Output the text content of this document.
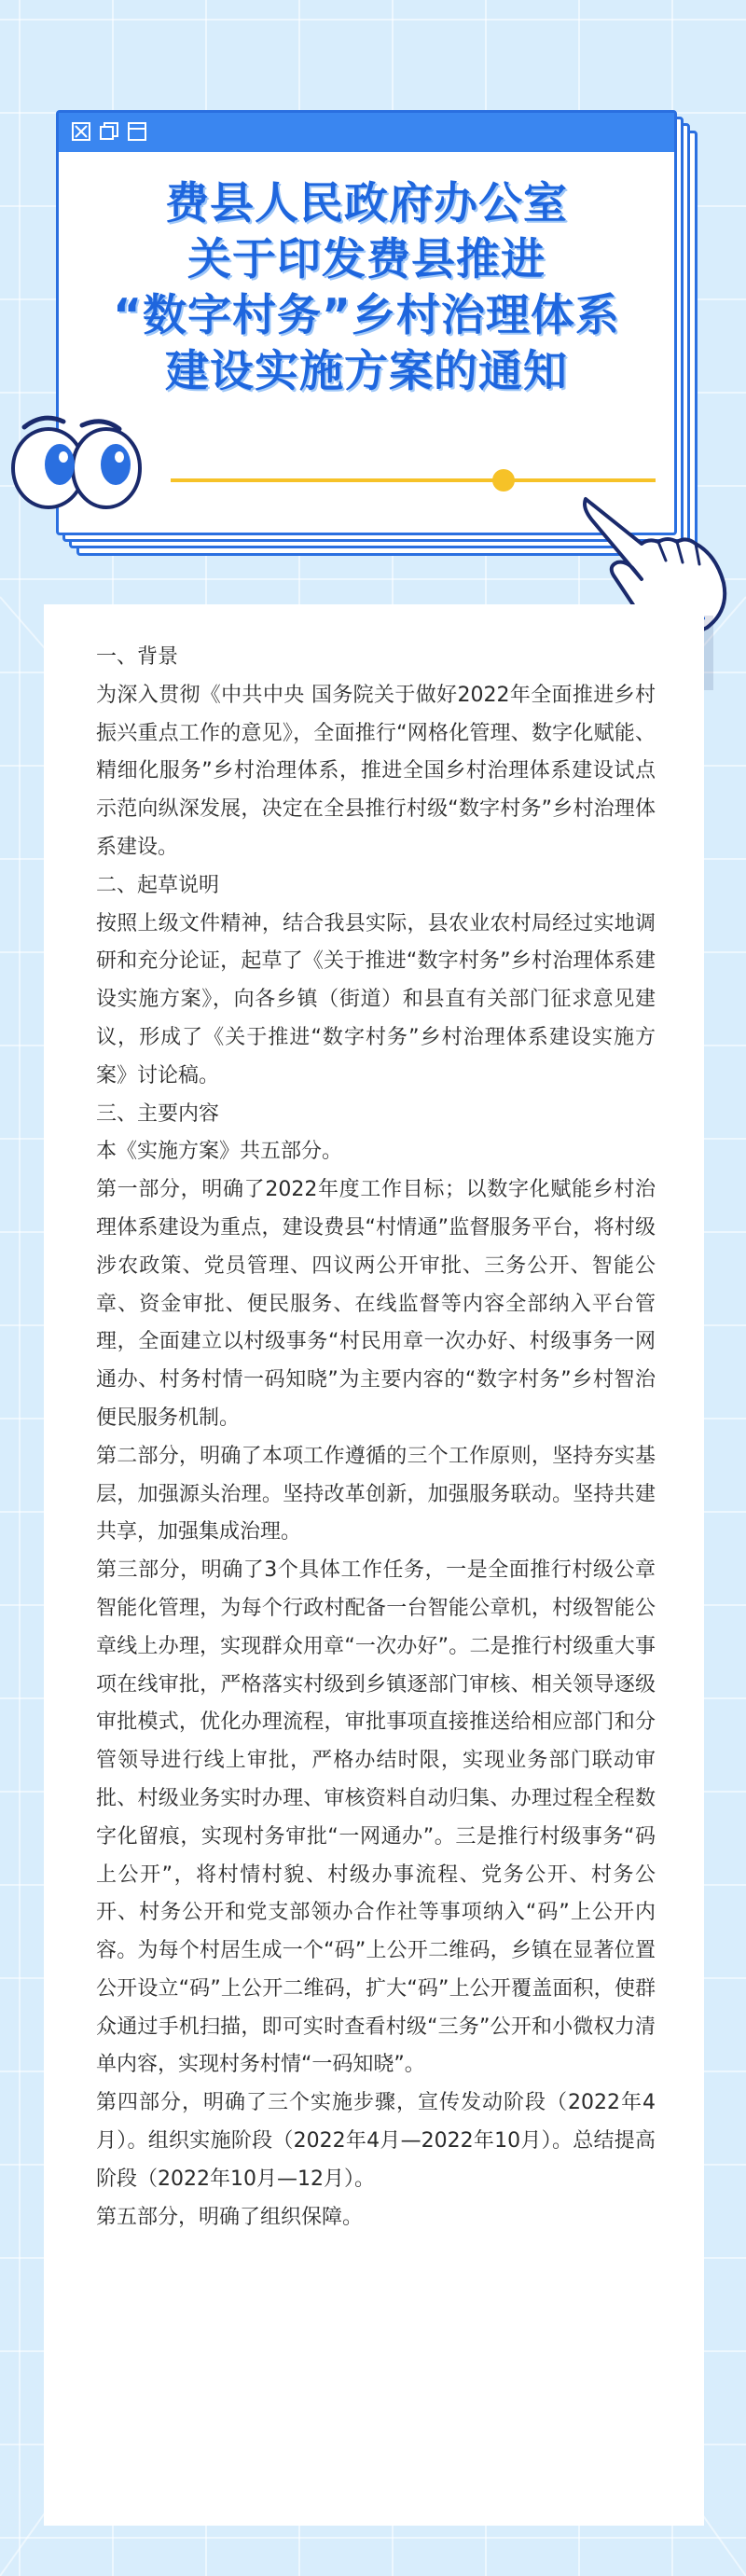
费县人民政府办公室
关于印发费县推进
“数字村务”乡村治理体系
建设实施方案的通知

一、背景

为深入贯彻《中共中央 国务院关于做好2022年全面推进乡村振兴重点工作的意见》，全面推行“网格化管理、数字化赋能、精细化服务”乡村治理体系，推进全国乡村治理体系建设试点示范向纵深发展，决定在全县推行村级“数字村务”乡村治理体系建设。

二、起草说明

按照上级文件精神，结合我县实际，县农业农村局经过实地调研和充分论证，起草了《关于推进“数字村务”乡村治理体系建设实施方案》，向各乡镇（街道）和县直有关部门征求意见建议，形成了《关于推进“数字村务”乡村治理体系建设实施方案》讨论稿。

三、主要内容

本《实施方案》共五部分。

第一部分，明确了2022年度工作目标；以数字化赋能乡村治理体系建设为重点，建设费县“村情通”监督服务平台，将村级涉农政策、党员管理、四议两公开审批、三务公开、智能公章、资金审批、便民服务、在线监督等内容全部纳入平台管理，全面建立以村级事务“村民用章一次办好、村级事务一网通办、村务村情一码知晓”为主要内容的“数字村务”乡村智治便民服务机制。

第二部分，明确了本项工作遵循的三个工作原则，坚持夯实基层，加强源头治理。坚持改革创新，加强服务联动。坚持共建共享，加强集成治理。

第三部分，明确了3个具体工作任务，一是全面推行村级公章智能化管理，为每个行政村配备一台智能公章机，村级智能公章线上办理，实现群众用章“一次办好”。二是推行村级重大事项在线审批，严格落实村级到乡镇逐部门审核、相关领导逐级审批模式，优化办理流程，审批事项直接推送给相应部门和分管领导进行线上审批，严格办结时限，实现业务部门联动审批、村级业务实时办理、审核资料自动归集、办理过程全程数字化留痕，实现村务审批“一网通办”。三是推行村级事务“码上公开”，将村情村貌、村级办事流程、党务公开、村务公开、村务公开和党支部领办合作社等事项纳入“码”上公开内容。为每个村居生成一个“码”上公开二维码，乡镇在显著位置公开设立“码”上公开二维码，扩大“码”上公开覆盖面积，使群众通过手机扫描，即可实时查看村级“三务”公开和小微权力清单内容，实现村务村情“一码知晓”。

第四部分，明确了三个实施步骤，宣传发动阶段（2022年4月）。组织实施阶段（2022年4月—2022年10月）。总结提高阶段（2022年10月—12月）。

第五部分，明确了组织保障。
